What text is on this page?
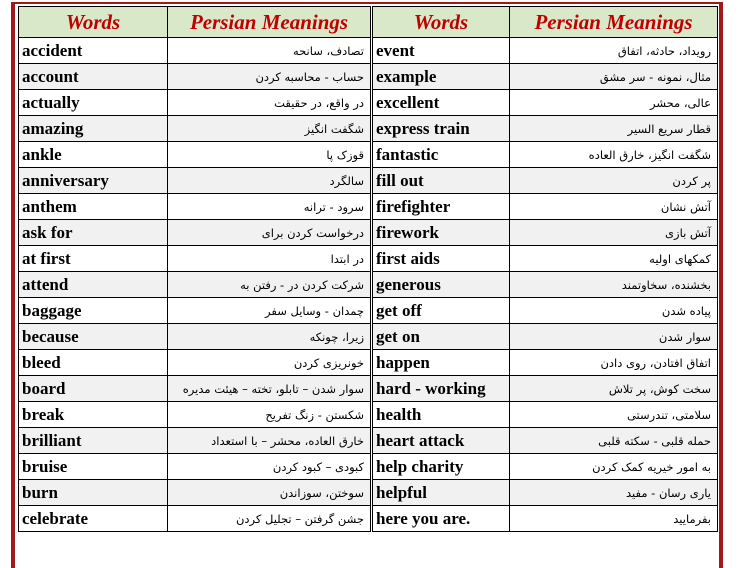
Words	Persian Meanings	Words	Persian Meanings
accident	تصادف، سانحه	event	رویداد، حادثه، اتفاق
account	حساب - محاسبه کردن	example	مثال، نمونه - سر مشق
actually	در واقع، در حقیقت	excellent	عالی، محشر
amazing	شگفت انگیز	express train	قطار سریع السیر
ankle	قوزک پا	fantastic	شگفت انگیز، خارق العاده
anniversary	سالگرد	fill out	پر کردن
anthem	سرود - ترانه	firefighter	آتش نشان
ask for	درخواست کردن برای	firework	آتش بازی
at first	در ابتدا	first aids	کمکهای اولیه
attend	شرکت کردن در - رفتن به	generous	بخشنده، سخاوتمند
baggage	چمدان - وسایل سفر	get off	پیاده شدن
because	زیرا، چونکه	get on	سوار شدن
bleed	خونریزی کردن	happen	اتفاق افتادن، روی دادن
board	سوار شدن – تابلو، تخته – هیئت مدیره	hard - working	سخت کوش، پر تلاش
break	شکستن - زنگ تفریح	health	سلامتی، تندرستی
brilliant	خارق العاده، محشر – با استعداد	heart attack	حمله قلبی - سکته قلبی
bruise	کبودی – کبود کردن	help charity	به امور خیریه کمک کردن
burn	سوختن، سوزاندن	helpful	یاری رسان - مفید
celebrate	جشن گرفتن – تجلیل کردن	here you are.	بفرمایید
